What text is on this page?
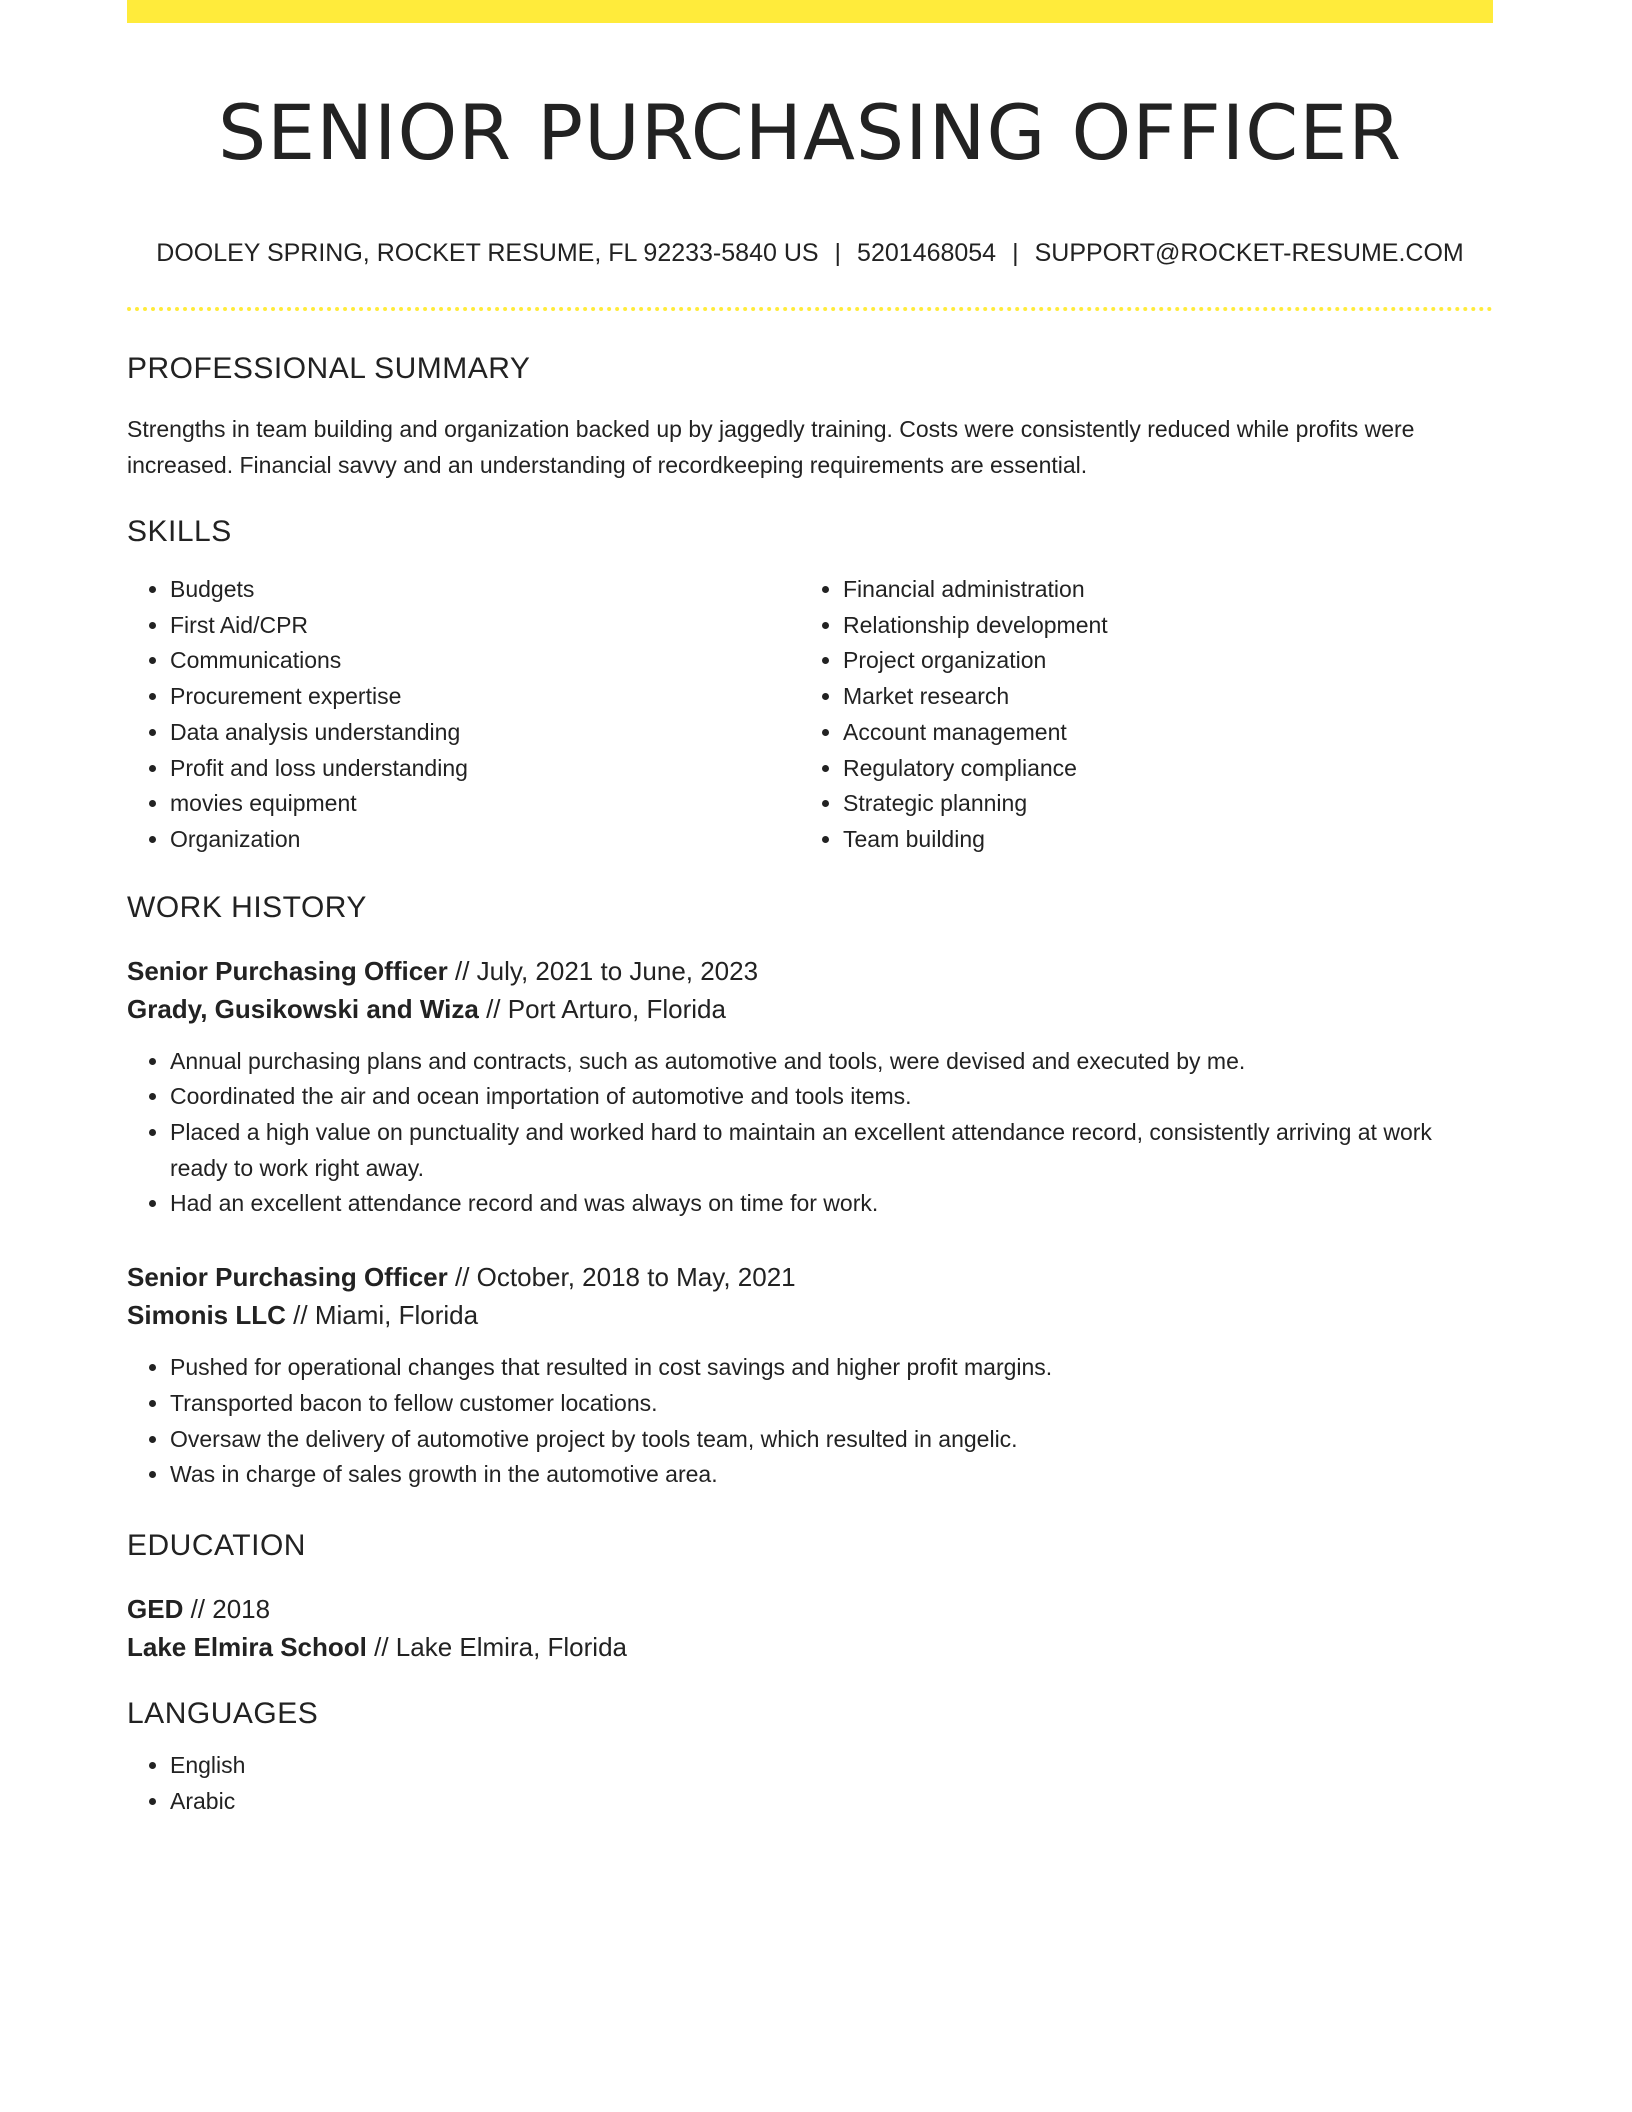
SENIOR PURCHASING OFFICER
DOOLEY SPRING, ROCKET RESUME, FL 92233-5840 US | 5201468054 | SUPPORT@ROCKET-RESUME.COM
PROFESSIONAL SUMMARY

Strengths in team building and organization backed up by jaggedly training. Costs were consistently reduced while profits were increased. Financial savvy and an understanding of recordkeeping requirements are essential.

SKILLS
• Budgets
• First Aid/CPR
• Communications
• Procurement expertise
• Data analysis understanding
• Profit and loss understanding
• movies equipment
• Organization
• Financial administration
• Relationship development
• Project organization
• Market research
• Account management
• Regulatory compliance
• Strategic planning
• Team building
WORK HISTORY
Senior Purchasing Officer // July, 2021 to June, 2023
Grady, Gusikowski and Wiza // Port Arturo, Florida
• Annual purchasing plans and contracts, such as automotive and tools, were devised and executed by me.
• Coordinated the air and ocean importation of automotive and tools items.
• Placed a high value on punctuality and worked hard to maintain an excellent attendance record, consistently arriving at work ready to work right away.
• Had an excellent attendance record and was always on time for work.
Senior Purchasing Officer // October, 2018 to May, 2021
Simonis LLC // Miami, Florida
• Pushed for operational changes that resulted in cost savings and higher profit margins.
• Transported bacon to fellow customer locations.
• Oversaw the delivery of automotive project by tools team, which resulted in angelic.
• Was in charge of sales growth in the automotive area.
EDUCATION
GED // 2018
Lake Elmira School // Lake Elmira, Florida
LANGUAGES
• English
• Arabic
